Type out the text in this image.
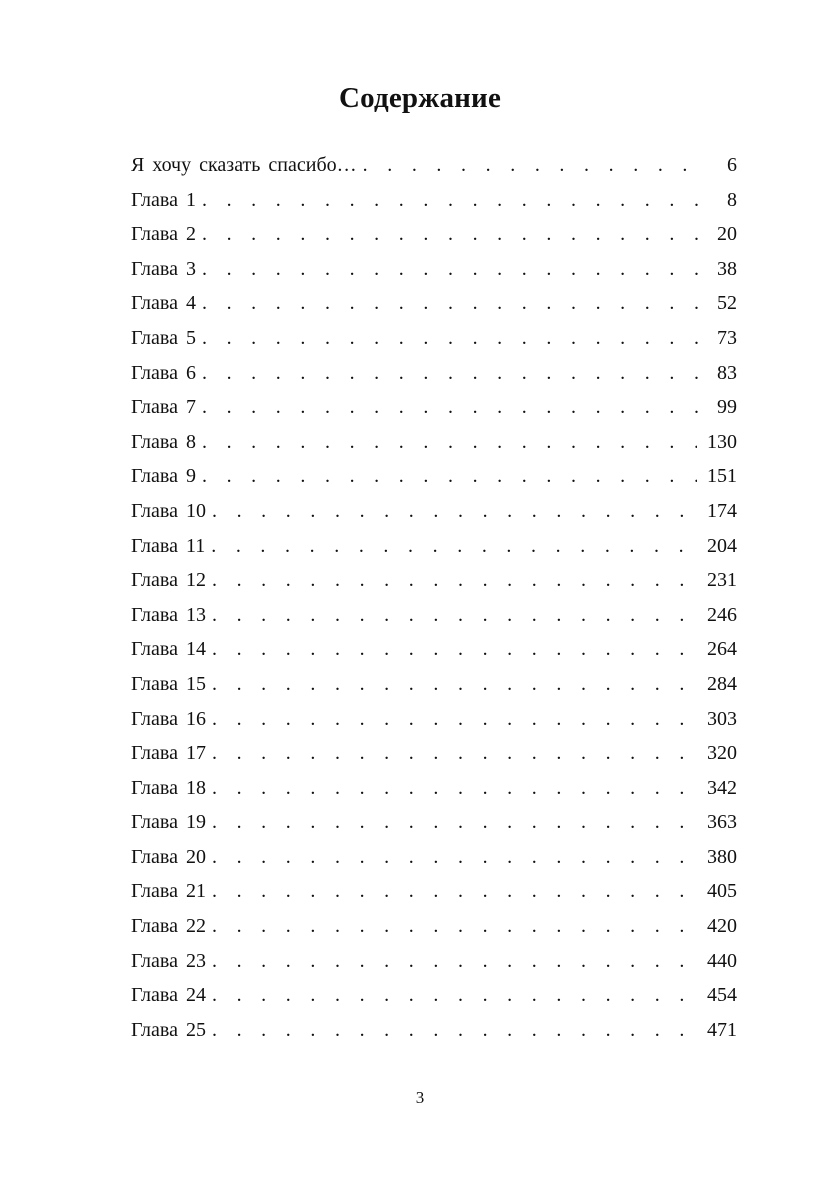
Содержание
Я хочу сказать спасибо… . . .	6
Глава 1 . . .	8
Глава 2 . . .	20
Глава 3 . . .	38
Глава 4 . . .	52
Глава 5 . . .	73
Глава 6 . . .	83
Глава 7 . . .	99
Глава 8 . . .	130
Глава 9 . . .	151
Глава 10 . . .	174
Глава 11 . . .	204
Глава 12 . . .	231
Глава 13 . . .	246
Глава 14 . . .	264
Глава 15 . . .	284
Глава 16 . . .	303
Глава 17 . . .	320
Глава 18 . . .	342
Глава 19 . . .	363
Глава 20 . . .	380
Глава 21 . . .	405
Глава 22 . . .	420
Глава 23 . . .	440
Глава 24 . . .	454
Глава 25 . . .	471
3
